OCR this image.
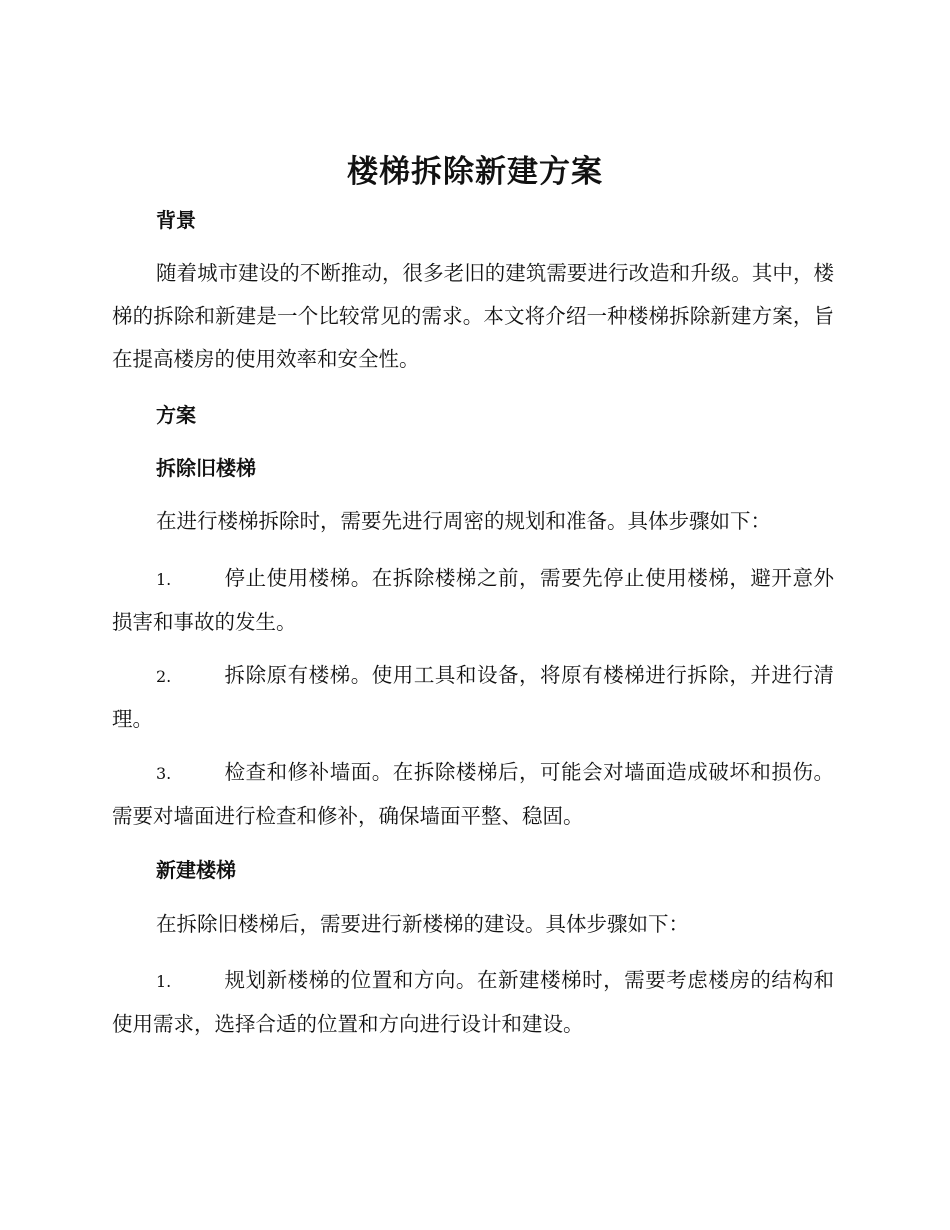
楼梯拆除新建方案
背景

随着城市建设的不断推动，很多老旧的建筑需要进行改造和升级。其中，楼梯的拆除和新建是一个比较常见的需求。本文将介绍一种楼梯拆除新建方案，旨在提高楼房的使用效率和安全性。

方案
拆除旧楼梯

在进行楼梯拆除时，需要先进行周密的规划和准备。具体步骤如下：

1.	停止使用楼梯。在拆除楼梯之前，需要先停止使用楼梯，避开意外损害和事故的发生。

2.	拆除原有楼梯。使用工具和设备，将原有楼梯进行拆除，并进行清理。

3.	检查和修补墙面。在拆除楼梯后，可能会对墙面造成破坏和损伤。需要对墙面进行检查和修补，确保墙面平整、稳固。

新建楼梯

在拆除旧楼梯后，需要进行新楼梯的建设。具体步骤如下：

1.	规划新楼梯的位置和方向。在新建楼梯时，需要考虑楼房的结构和使用需求，选择合适的位置和方向进行设计和建设。
